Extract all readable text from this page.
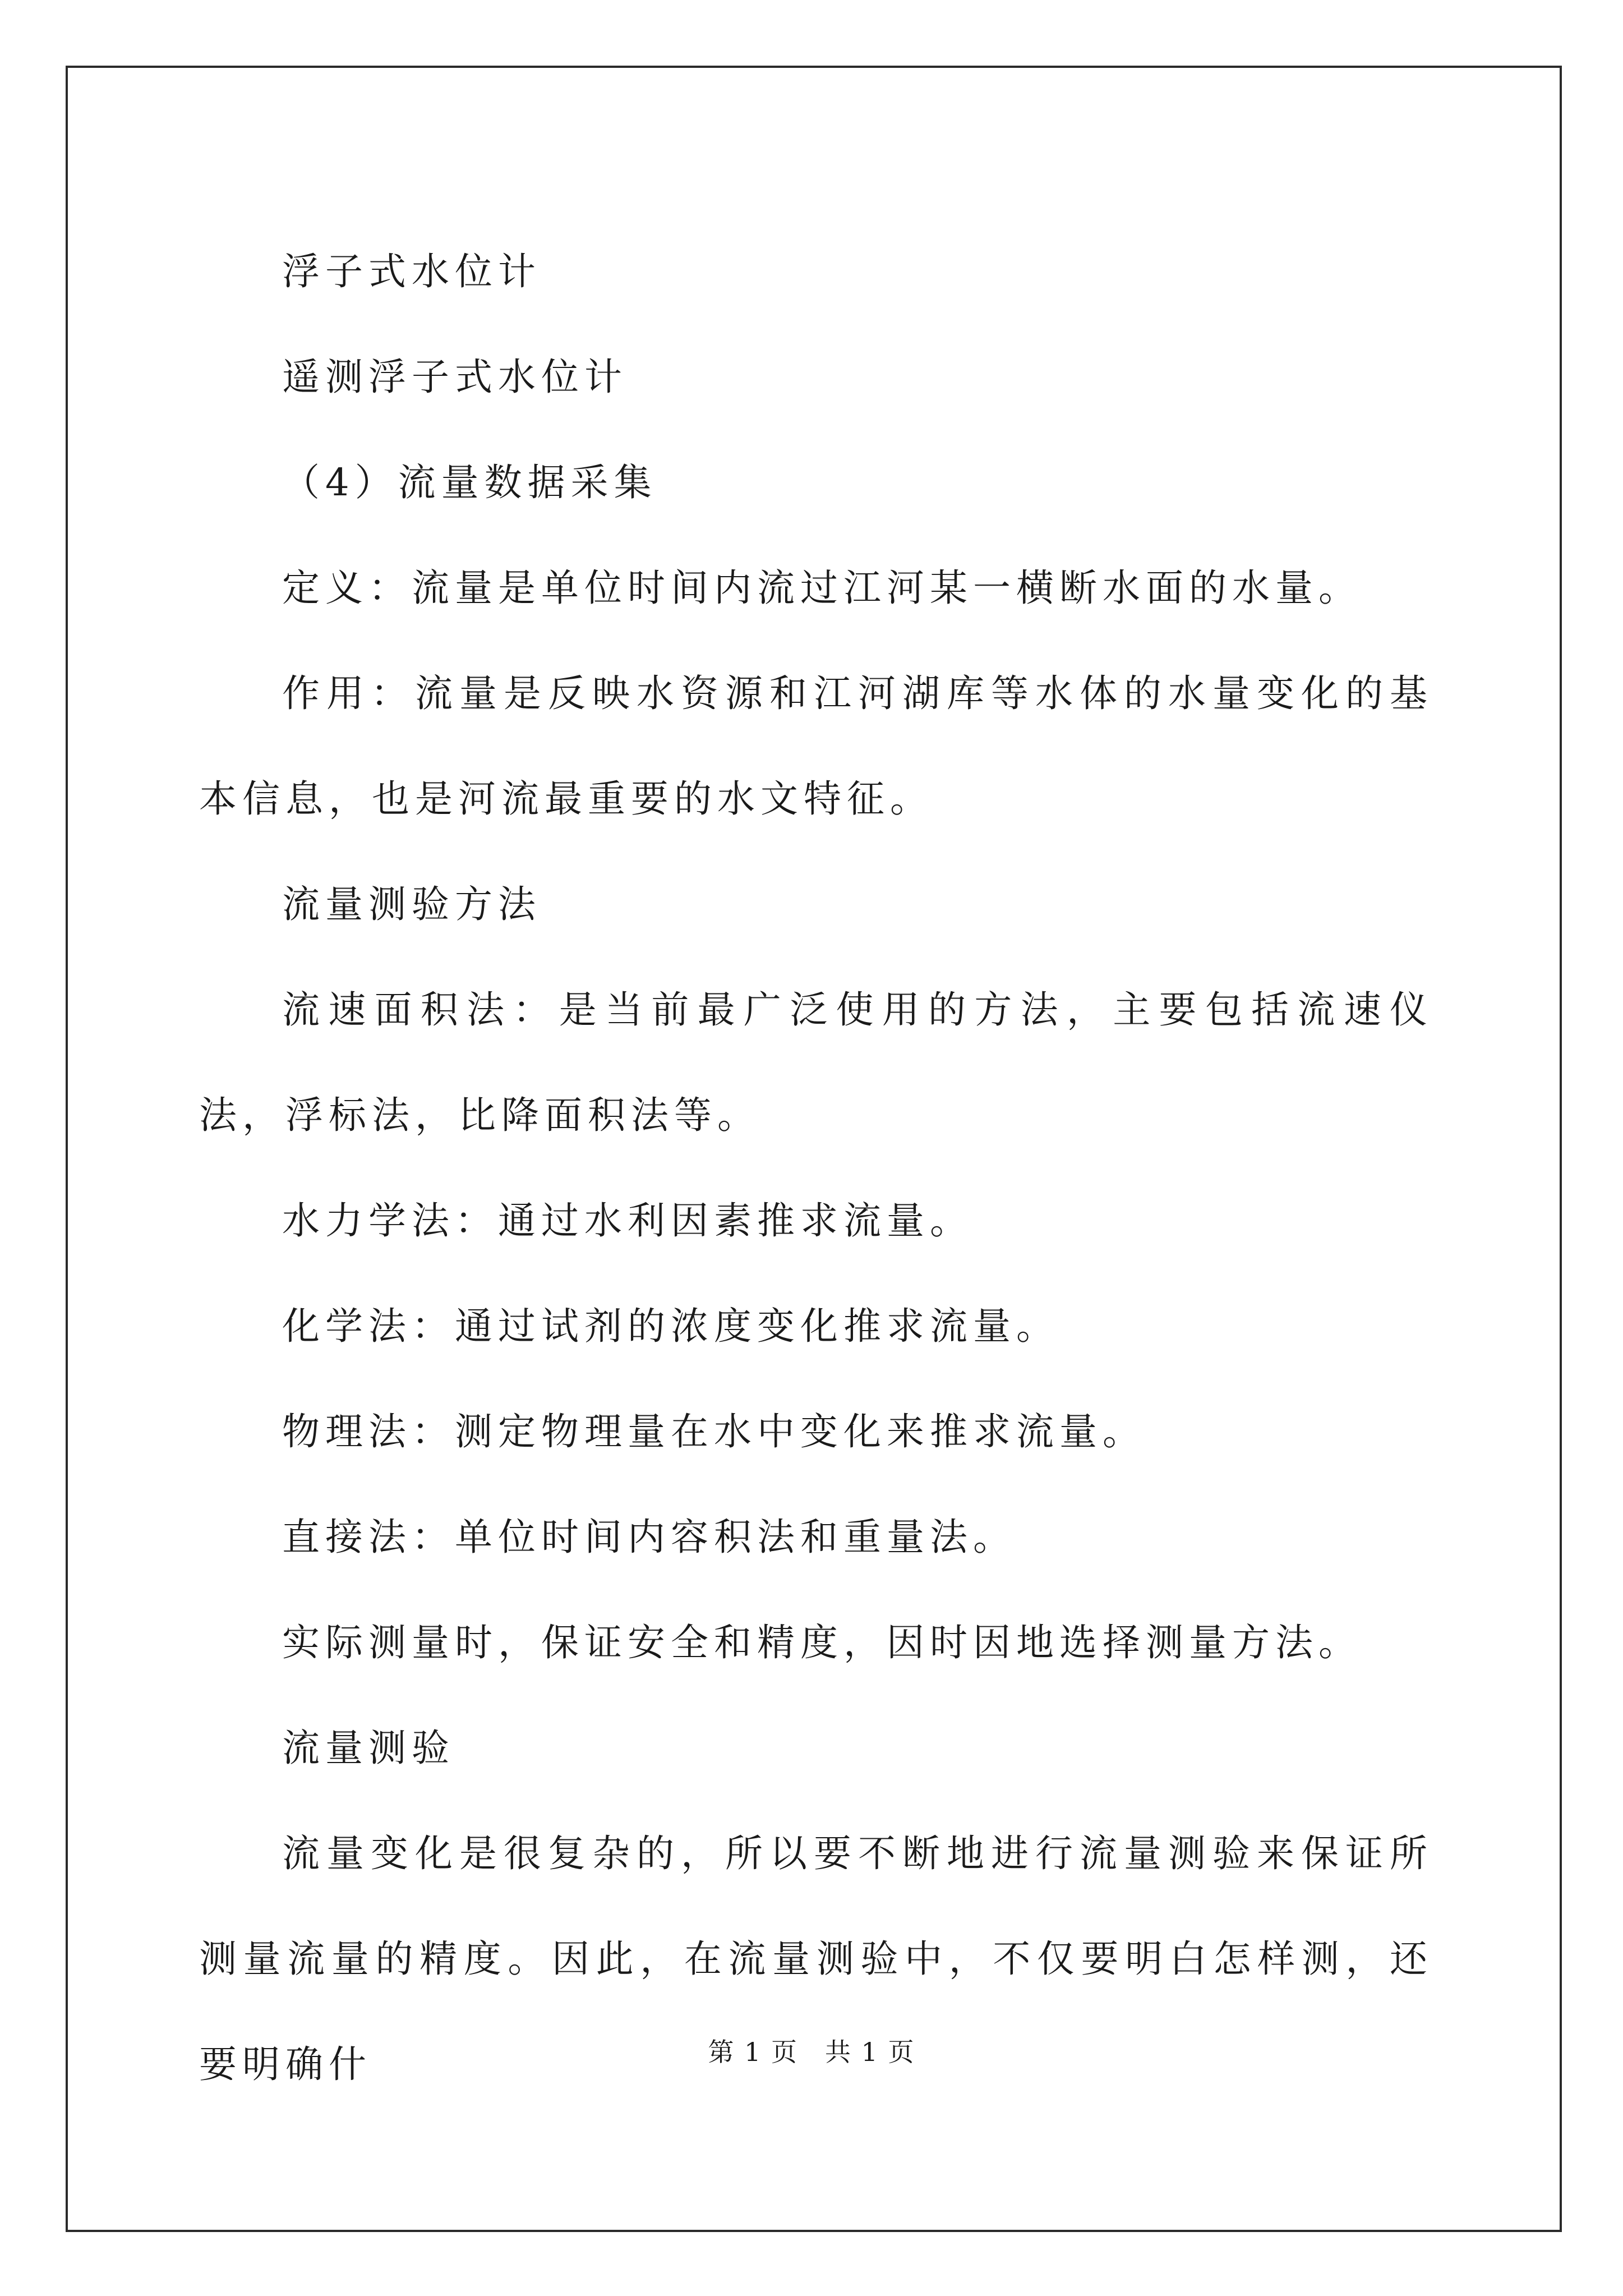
浮子式水位计

遥测浮子式水位计

（4）流量数据采集

定义：流量是单位时间内流过江河某一横断水面的水量。

作用：流量是反映水资源和江河湖库等水体的水量变化的基本信息，也是河流最重要的水文特征。

流量测验方法

流速面积法：是当前最广泛使用的方法，主要包括流速仪法，浮标法，比降面积法等。

水力学法：通过水利因素推求流量。

化学法：通过试剂的浓度变化推求流量。

物理法：测定物理量在水中变化来推求流量。

直接法：单位时间内容积法和重量法。

实际测量时，保证安全和精度，因时因地选择测量方法。

流量测验

流量变化是很复杂的，所以要不断地进行流量测验来保证所测量流量的精度。因此，在流量测验中，不仅要明白怎样测，还要明确什	第 1 页 共 1 页
